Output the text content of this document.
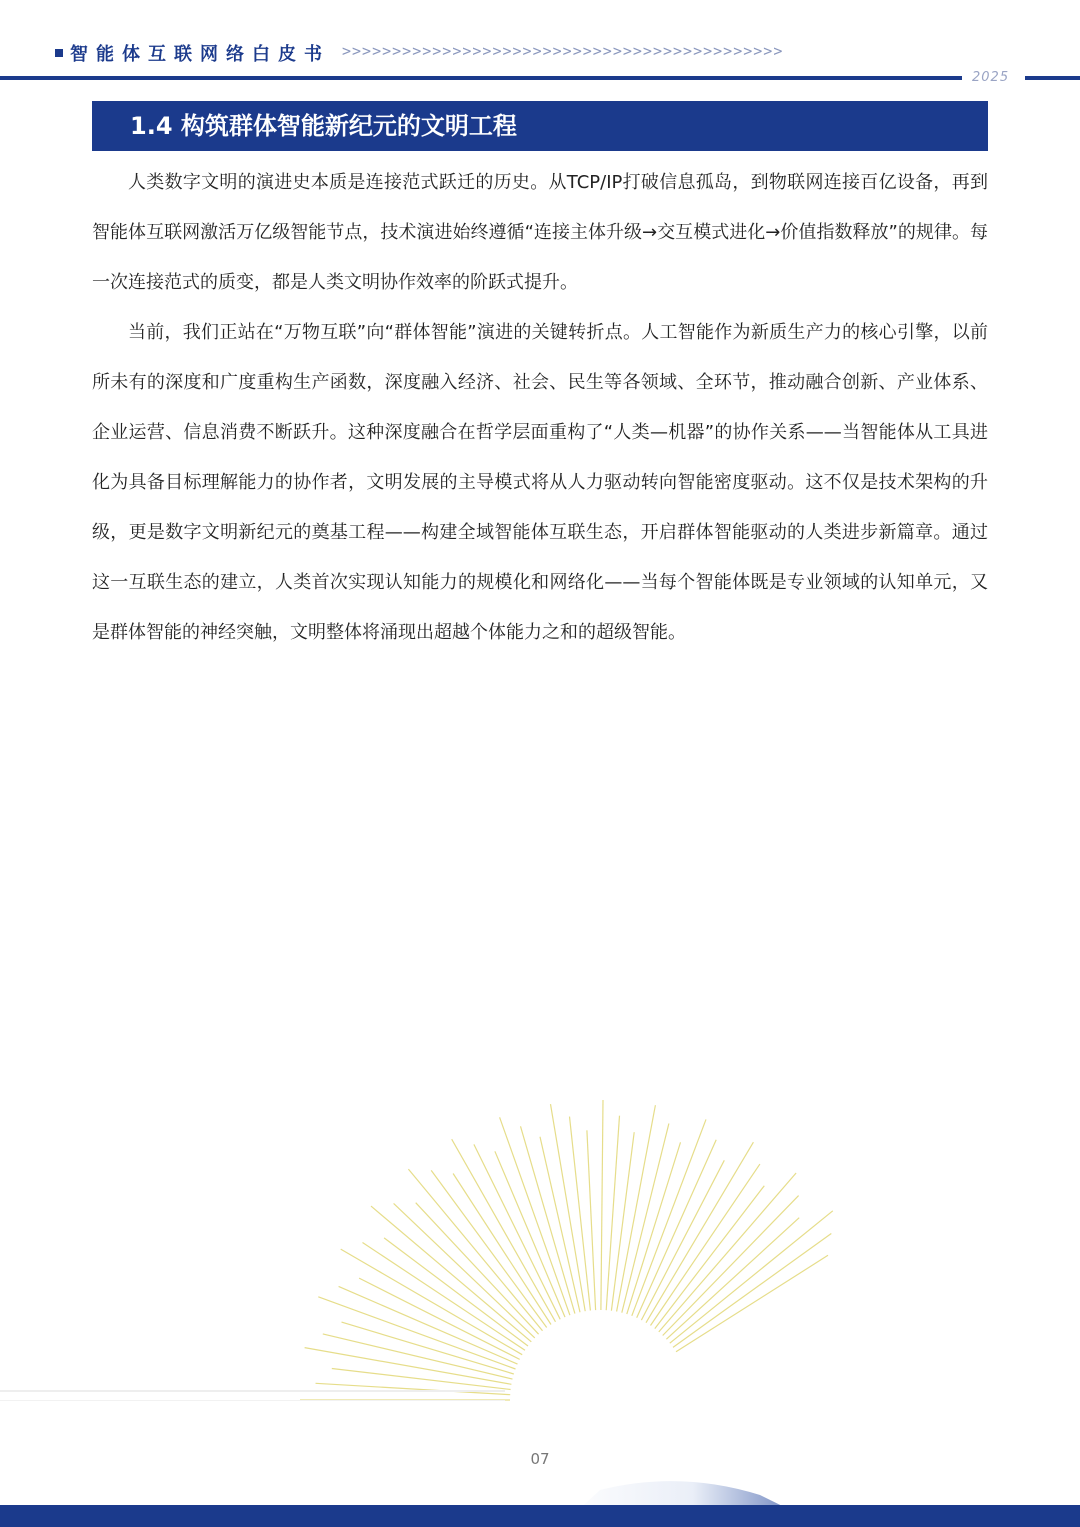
智能体互联网络白皮书 >>>>>>>>>>>>>>>>>>>>>>>>>>>>>>>>>>>>>>>>>>>>
2025
1.4 构筑群体智能新纪元的文明工程

人类数字文明的演进史本质是连接范式跃迁的历史。从TCP/IP打破信息孤岛，到物联网连接百亿设备，再到智能体互联网激活万亿级智能节点，技术演进始终遵循“连接主体升级→交互模式进化→价值指数释放”的规律。每一次连接范式的质变，都是人类文明协作效率的阶跃式提升。

当前，我们正站在“万物互联”向“群体智能”演进的关键转折点。人工智能作为新质生产力的核心引擎，以前所未有的深度和广度重构生产函数，深度融入经济、社会、民生等各领域、全环节，推动融合创新、产业体系、企业运营、信息消费不断跃升。这种深度融合在哲学层面重构了“人类—机器”的协作关系——当智能体从工具进化为具备目标理解能力的协作者，文明发展的主导模式将从人力驱动转向智能密度驱动。这不仅是技术架构的升级，更是数字文明新纪元的奠基工程——构建全域智能体互联生态，开启群体智能驱动的人类进步新篇章。通过这一互联生态的建立，人类首次实现认知能力的规模化和网络化——当每个智能体既是专业领域的认知单元，又是群体智能的神经突触，文明整体将涌现出超越个体能力之和的超级智能。

07
